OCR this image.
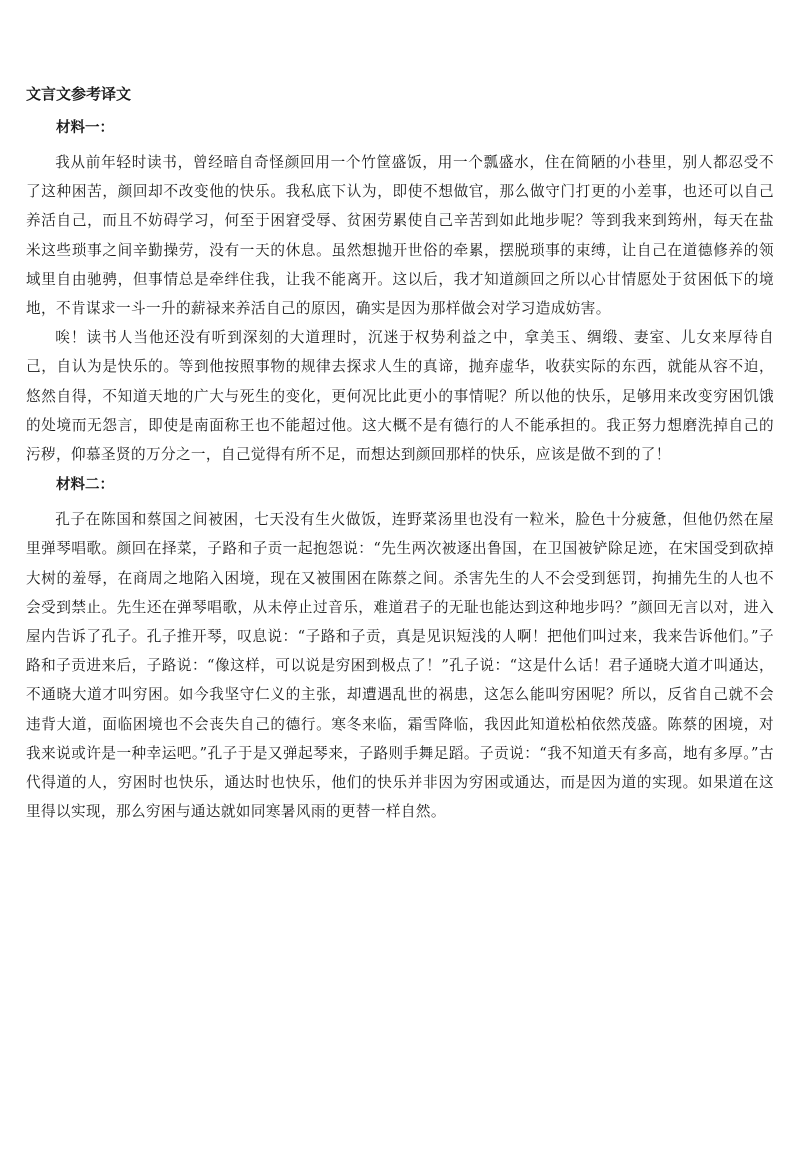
文言文参考译文
材料一：

我从前年轻时读书，曾经暗自奇怪颜回用一个竹筐盛饭，用一个瓢盛水，住在简陋的小巷里，别人都忍受不了这种困苦，颜回却不改变他的快乐。我私底下认为，即使不想做官，那么做守门打更的小差事，也还可以自己养活自己，而且不妨碍学习，何至于困窘受辱、贫困劳累使自己辛苦到如此地步呢？等到我来到筠州，每天在盐米这些琐事之间辛勤操劳，没有一天的休息。虽然想抛开世俗的牵累，摆脱琐事的束缚，让自己在道德修养的领域里自由驰骋，但事情总是牵绊住我，让我不能离开。这以后，我才知道颜回之所以心甘情愿处于贫困低下的境地，不肯谋求一斗一升的薪禄来养活自己的原因，确实是因为那样做会对学习造成妨害。

唉！读书人当他还没有听到深刻的大道理时，沉迷于权势利益之中，拿美玉、绸缎、妻室、儿女来厚待自己，自认为是快乐的。等到他按照事物的规律去探求人生的真谛，抛弃虚华，收获实际的东西，就能从容不迫，悠然自得，不知道天地的广大与死生的变化，更何况比此更小的事情呢？所以他的快乐，足够用来改变穷困饥饿的处境而无怨言，即使是南面称王也不能超过他。这大概不是有德行的人不能承担的。我正努力想磨洗掉自己的污秽，仰慕圣贤的万分之一，自己觉得有所不足，而想达到颜回那样的快乐，应该是做不到的了！

材料二：

孔子在陈国和蔡国之间被困，七天没有生火做饭，连野菜汤里也没有一粒米，脸色十分疲惫，但他仍然在屋里弹琴唱歌。颜回在择菜，子路和子贡一起抱怨说：“先生两次被逐出鲁国，在卫国被铲除足迹，在宋国受到砍掉大树的羞辱，在商周之地陷入困境，现在又被围困在陈蔡之间。杀害先生的人不会受到惩罚，拘捕先生的人也不会受到禁止。先生还在弹琴唱歌，从未停止过音乐，难道君子的无耻也能达到这种地步吗？”颜回无言以对，进入屋内告诉了孔子。孔子推开琴，叹息说：“子路和子贡，真是见识短浅的人啊！把他们叫过来，我来告诉他们。”子路和子贡进来后，子路说：“像这样，可以说是穷困到极点了！”孔子说：“这是什么话！君子通晓大道才叫通达，不通晓大道才叫穷困。如今我坚守仁义的主张，却遭遇乱世的祸患，这怎么能叫穷困呢？所以，反省自己就不会违背大道，面临困境也不会丧失自己的德行。寒冬来临，霜雪降临，我因此知道松柏依然茂盛。陈蔡的困境，对我来说或许是一种幸运吧。”孔子于是又弹起琴来，子路则手舞足蹈。子贡说：“我不知道天有多高，地有多厚。”古代得道的人，穷困时也快乐，通达时也快乐，他们的快乐并非因为穷困或通达，而是因为道的实现。如果道在这里得以实现，那么穷困与通达就如同寒暑风雨的更替一样自然。
